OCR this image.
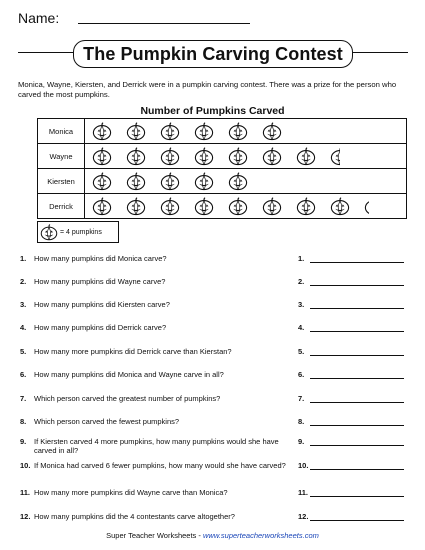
Name:
The Pumpkin Carving Contest
Monica, Wayne, Kiersten, and Derrick were in a pumpkin carving contest. There was a prize for the person who carved the most pumpkins.
Number of Pumpkins Carved
Monica	

Wayne	

Kiersten	

Derrick	
= 4 pumpkins
1. How many pumpkins did Monica carve?	1.
2. How many pumpkins did Wayne carve?	2.
3. How many pumpkins did Kiersten carve?	3.
4. How many pumpkins did Derrick carve?	4.
5. How many more pumpkins did Derrick carve than Kierstan?	5.
6. How many pumpkins did Monica and Wayne carve in all?	6.
7. Which person carved the greatest number of pumpkins?	7.
8. Which person carved the fewest pumpkins?	8.
9. If Kiersten carved 4 more pumpkins, how many pumpkins would she have carved in all?
9.
10. If Monica had carved 6 fewer pumpkins, how many would she have carved?	10.
11. How many more pumpkins did Wayne carve than Monica?	11.
12. How many pumpkins did the 4 contestants carve altogether?	12.
Super Teacher Worksheets - www.superteacherworksheets.com
